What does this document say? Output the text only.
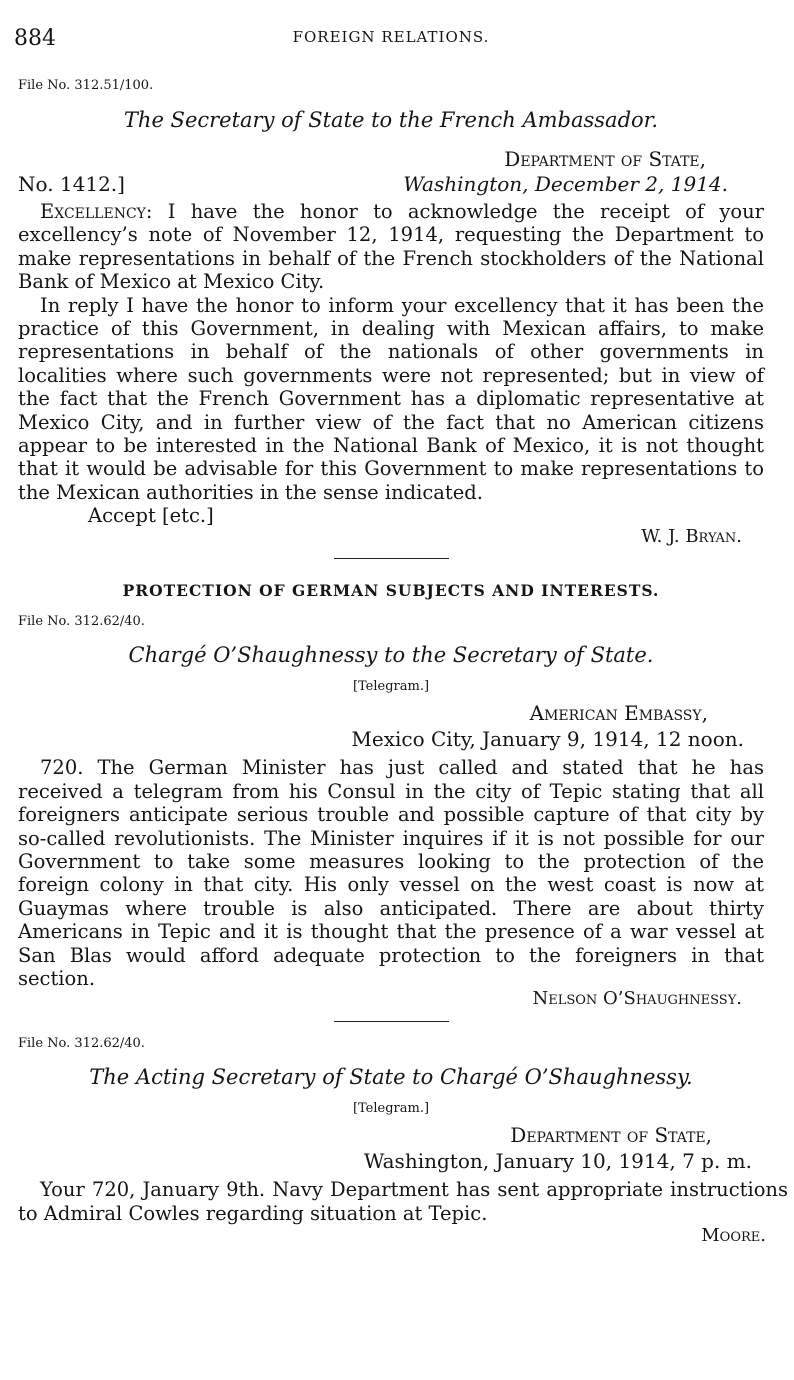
884	FOREIGN RELATIONS.

File No. 312.51/100.

The Secretary of State to the French Ambassador.

Department of State,
No. 1412.]	Washington, December 2, 1914.

Excellency: I have the honor to acknowledge the receipt of your excellency’s note of November 12, 1914, requesting the Department to make representations in behalf of the French stockholders of the National Bank of Mexico at Mexico City.

In reply I have the honor to inform your excellency that it has been the practice of this Government, in dealing with Mexican affairs, to make representations in behalf of the nationals of other governments in localities where such governments were not represented; but in view of the fact that the French Government has a diplomatic representative at Mexico City, and in further view of the fact that no American citizens appear to be interested in the National Bank of Mexico, it is not thought that it would be advisable for this Government to make representations to the Mexican authorities in the sense indicated.

Accept [etc.]
W. J. Bryan.
PROTECTION OF GERMAN SUBJECTS AND INTERESTS.

File No. 312.62/40.

Chargé O’Shaughnessy to the Secretary of State.

[Telegram.]
American Embassy,
Mexico City, January 9, 1914, 12 noon.

720. The German Minister has just called and stated that he has received a telegram from his Consul in the city of Tepic stating that all foreigners anticipate serious trouble and possible capture of that city by so-called revolutionists. The Minister inquires if it is not possible for our Government to take some measures looking to the protection of the foreign colony in that city. His only vessel on the west coast is now at Guaymas where trouble is also anticipated. There are about thirty Americans in Tepic and it is thought that the presence of a war vessel at San Blas would afford adequate protection to the foreigners in that section.

Nelson O’Shaughnessy.

File No. 312.62/40.

The Acting Secretary of State to Chargé O’Shaughnessy.

[Telegram.]
Department of State,
Washington, January 10, 1914, 7 p. m.

Your 720, January 9th. Navy Department has sent appropriate instructions to Admiral Cowles regarding situation at Tepic.

Moore.
